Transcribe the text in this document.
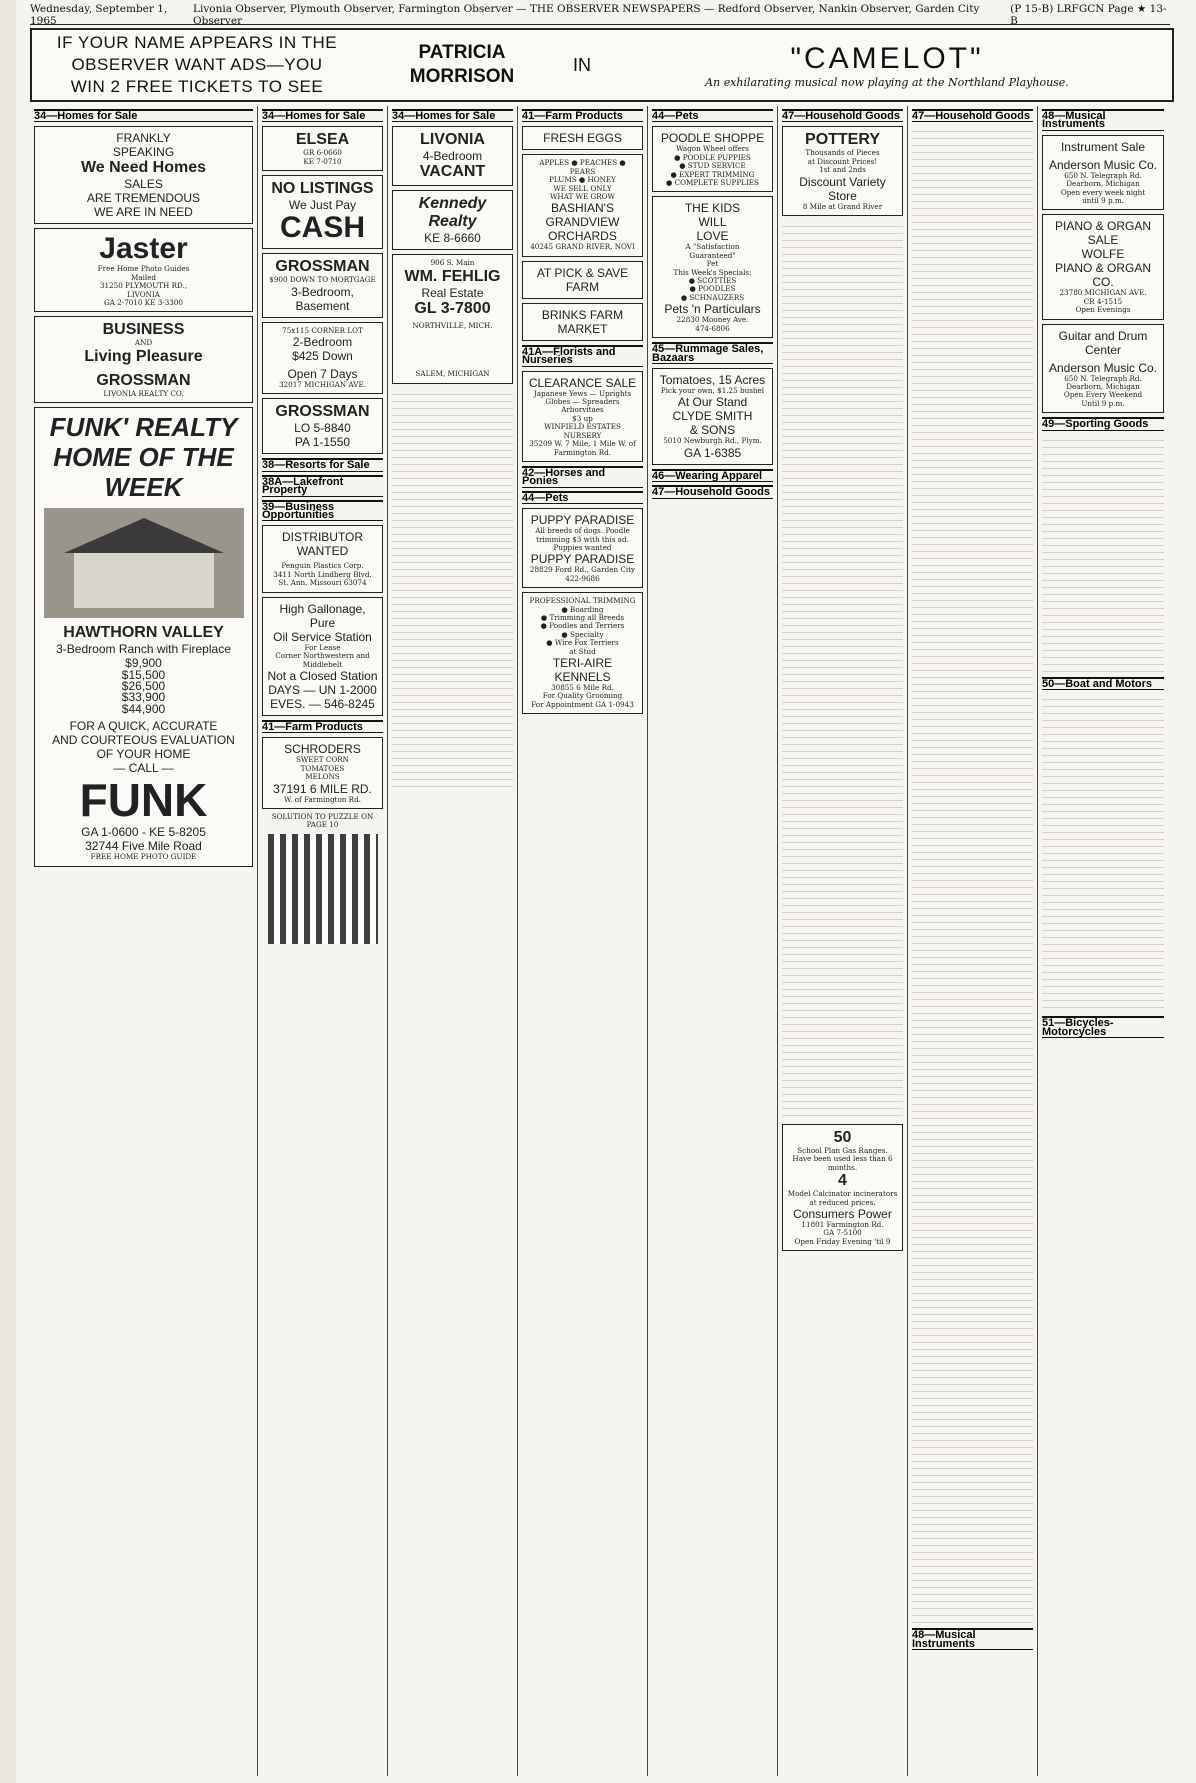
Wednesday, September 1, 1965
Livonia Observer, Plymouth Observer, Farmington Observer — THE OBSERVER NEWSPAPERS — Redford Observer, Nankin Observer, Garden City Observer
(P 15-B) LRFGCN Page ★ 13-B
IF YOUR NAME APPEARS IN THE
OBSERVER WANT ADS—YOU
WIN 2 FREE TICKETS TO SEE
PATRICIA
MORRISON
IN	"CAMELOT"
An exhilarating musical now playing at the Northland Playhouse.
34—Homes for Sale
FRANKLY
SPEAKING
We Need Homes
SALES
ARE TREMENDOUS
WE ARE IN NEED
Jaster
Free Home Photo Guides
Mailed
31250 PLYMOUTH RD.,
LIVONIA
GA 2-7010 KE 3-3300
BUSINESS
AND
Living Pleasure
GROSSMAN
LIVONIA REALTY CO.
FUNK' REALTY
HOME OF THE WEEK
HAWTHORN VALLEY
3-Bedroom Ranch with Fireplace
$9,900
$15,500
$26,500
$33,900
$44,900
FOR A QUICK, ACCURATE
AND COURTEOUS EVALUATION
OF YOUR HOME
— CALL —
FUNK
GA 1-0600 - KE 5-8205
32744 Five Mile Road
FREE HOME PHOTO GUIDE
34—Homes for Sale
ELSEA
GR 6-0660
KE 7-0710
NO LISTINGS
We Just Pay
CASH
GROSSMAN
$900 DOWN TO MORTGAGE
3-Bedroom, Basement
75x115 CORNER LOT
2-Bedroom
$425 Down
Open 7 Days
32017 MICHIGAN AVE.
GROSSMAN
LO 5-8840
PA 1-1550
38—Resorts for Sale
38A—Lakefront Property
39—Business Opportunities
DISTRIBUTOR
WANTED
Penguin Plastics Corp.
3411 North Lindberg Blvd.
St. Ann, Missouri 63074
High Gallonage, Pure
Oil Service Station
For Lease
Corner Northwestern and
Middlebelt
Not a Closed Station
DAYS — UN 1-2000
EVES. — 546-8245
41—Farm Products
SCHRODERS
SWEET CORN
TOMATOES
MELONS
37191 6 MILE RD.
W. of Farmington Rd.
SOLUTION TO PUZZLE ON PAGE 10
34—Homes for Sale
LIVONIA
4-Bedroom
VACANT
Kennedy Realty
KE 8-6660
906 S. Main
WM. FEHLIG
Real Estate
GL 3-7800
NORTHVILLE, MICH.
SALEM, MICHIGAN
41—Farm Products
FRESH EGGS
APPLES ● PEACHES ● PEARS
PLUMS ● HONEY
WE SELL ONLY
WHAT WE GROW
BASHIAN'S
GRANDVIEW
ORCHARDS
40245 GRAND RIVER, NOVI
AT PICK & SAVE FARM
BRINKS FARM MARKET
41A—Florists and Nurseries
CLEARANCE SALE
Japanese Yews — Uprights
Globes — Spreaders
Arborvitaes
$3 up
WINFIELD ESTATES
NURSERY
35209 W. 7 Mile, 1 Mile W. of Farmington Rd.
42—Horses and Ponies
44—Pets
PUPPY PARADISE
All breeds of dogs. Poodle trimming $3 with this ad. Puppies wanted
PUPPY PARADISE
28829 Ford Rd., Garden City
422-9686
PROFESSIONAL TRIMMING
● Boarding
● Trimming all Breeds
● Poodles and Terriers
● Specialty
● Wire Fox Terriers
at Stud
TERI-AIRE KENNELS
30855 6 Mile Rd.
For Quality Grooming
For Appointment GA 1-0943
44—Pets
POODLE SHOPPE
Wagon Wheel offers
● POODLE PUPPIES
● STUD SERVICE
● EXPERT TRIMMING
● COMPLETE SUPPLIES
THE KIDS
WILL
LOVE
A "Satisfaction
Guaranteed"
Pet
This Week's Specials:
● SCOTTIES
● POODLES
● SCHNAUZERS
Pets 'n Particulars
22830 Mooney Ave.
474-6806
45—Rummage Sales, Bazaars
Tomatoes, 15 Acres
Pick your own, $1.25 bushel
At Our Stand
CLYDE SMITH
& SONS
5010 Newburgh Rd., Plym.
GA 1-6385
46—Wearing Apparel
47—Household Goods
47—Household Goods
POTTERY
Thousands of Pieces
at Discount Prices!
1st and 2nds
Discount Variety Store
8 Mile at Grand River
50
School Plan Gas Ranges. Have been used less than 6 months.
4
Model Calcinator incinerators at reduced prices.
Consumers Power
11801 Farmington Rd.
GA 7-5100
Open Friday Evening 'til 9
47—Household Goods
48—Musical Instruments
48—Musical Instruments
Instrument Sale
Anderson Music Co.
650 N. Telegraph Rd.
Dearborn, Michigan
Open every week night
until 9 p.m.
PIANO & ORGAN SALE
WOLFE
PIANO & ORGAN CO.
23780 MICHIGAN AVE.
CR 4-1515
Open Evenings
Guitar and Drum
Center
Anderson Music Co.
650 N. Telegraph Rd.
Dearborn, Michigan
Open Every Weekend
Until 9 p.m.
49—Sporting Goods
50—Boat and Motors
51—Bicycles-Motorcycles
